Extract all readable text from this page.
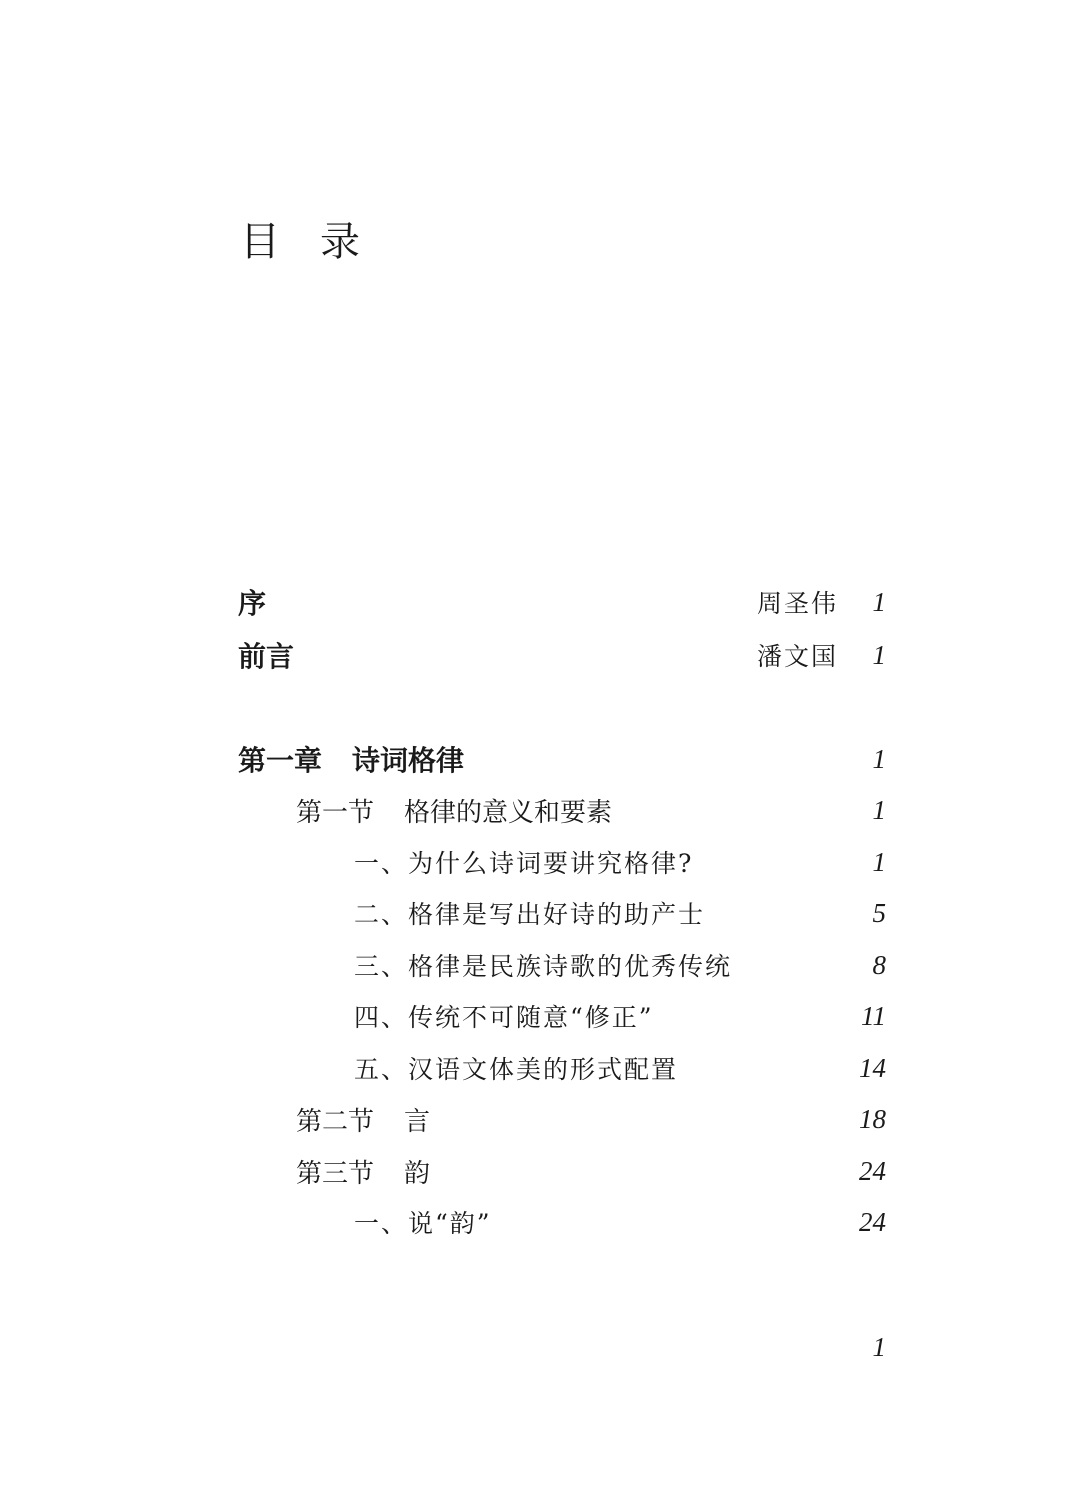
目录
序	周圣伟 1
前言	潘文国 1
第一章 诗词格律	1
第一节 格律的意义和要素	1
一、为什么诗词要讲究格律?	1
二、格律是写出好诗的助产士	5
三、格律是民族诗歌的优秀传统	8
四、传统不可随意“修正”	11
五、汉语文体美的形式配置	14
第二节 言	18
第三节 韵	24
一、说“韵”	24
1
